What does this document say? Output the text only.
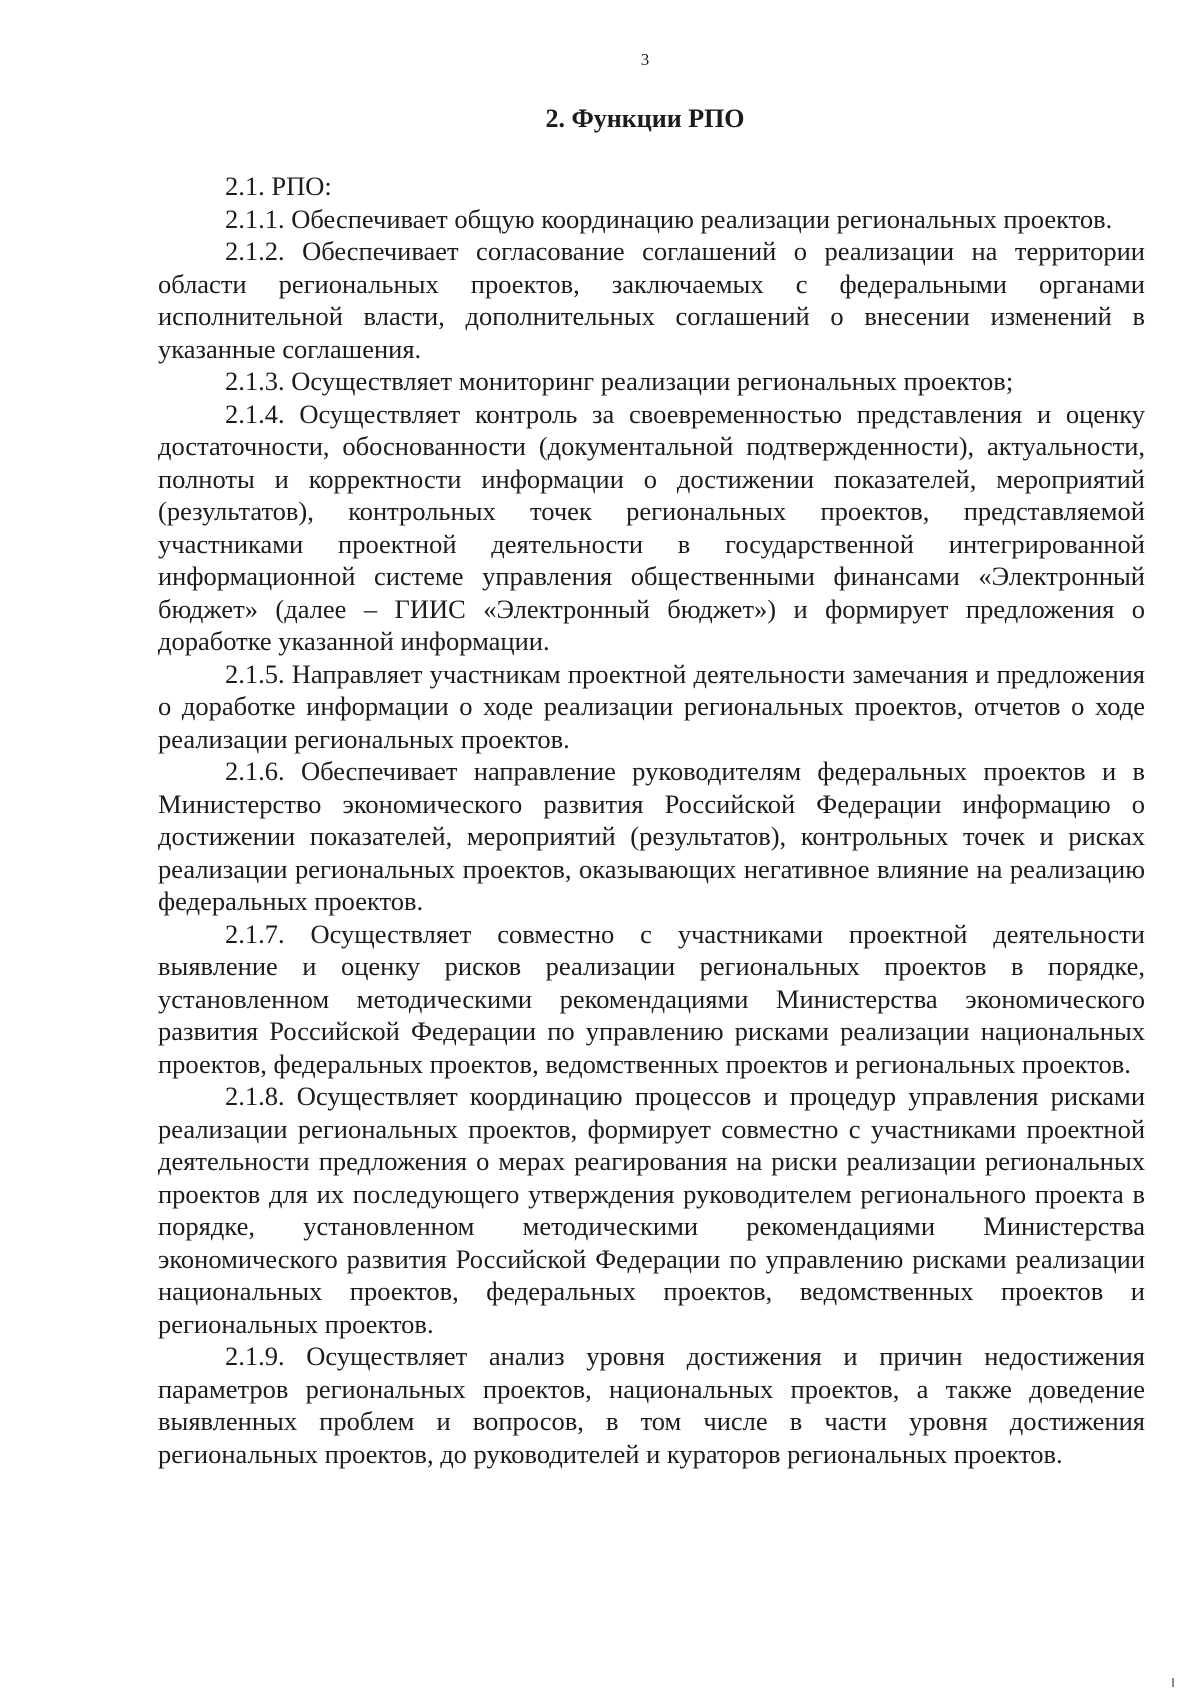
3
2. Функции РПО

2.1. РПО:

2.1.1. Обеспечивает общую координацию реализации региональных проектов.

2.1.2. Обеспечивает согласование соглашений о реализации на территории области региональных проектов, заключаемых с федеральными органами исполнительной власти, дополнительных соглашений о внесении изменений в указанные соглашения.

2.1.3. Осуществляет мониторинг реализации региональных проектов;

2.1.4. Осуществляет контроль за своевременностью представления и оценку достаточности, обоснованности (документальной подтвержденности), актуальности, полноты и корректности информации о достижении показателей, мероприятий (результатов), контрольных точек региональных проектов, представляемой участниками проектной деятельности в государственной интегрированной информационной системе управления общественными финансами «Электронный бюджет» (далее – ГИИС «Электронный бюджет») и формирует предложения о доработке указанной информации.

2.1.5. Направляет участникам проектной деятельности замечания и предложения о доработке информации о ходе реализации региональных проектов, отчетов о ходе реализации региональных проектов.

2.1.6. Обеспечивает направление руководителям федеральных проектов и в Министерство экономического развития Российской Федерации информацию о достижении показателей, мероприятий (результатов), контрольных точек и рисках реализации региональных проектов, оказывающих негативное влияние на реализацию федеральных проектов.

2.1.7. Осуществляет совместно с участниками проектной деятельности выявление и оценку рисков реализации региональных проектов в порядке, установленном методическими рекомендациями Министерства экономического развития Российской Федерации по управлению рисками реализации национальных проектов, федеральных проектов, ведомственных проектов и региональных проектов.

2.1.8. Осуществляет координацию процессов и процедур управления рисками реализации региональных проектов, формирует совместно с участниками проектной деятельности предложения о мерах реагирования на риски реализации региональных проектов для их последующего утверждения руководителем регионального проекта в порядке, установленном методическими рекомендациями Министерства экономического развития Российской Федерации по управлению рисками реализации национальных проектов, федеральных проектов, ведомственных проектов и региональных проектов.

2.1.9. Осуществляет анализ уровня достижения и причин недостижения параметров региональных проектов, национальных проектов, а также доведение выявленных проблем и вопросов, в том числе в части уровня достижения региональных проектов, до руководителей и кураторов региональных проектов.
